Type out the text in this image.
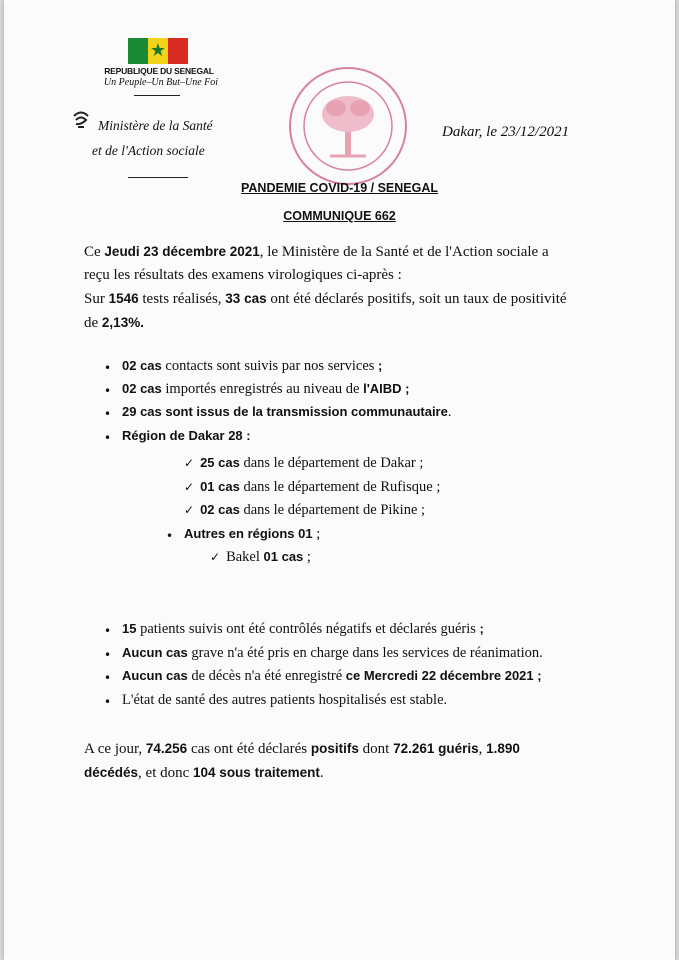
★
REPUBLIQUE DU SENEGAL
Un Peuple–Un But–Une Foi
Ministère de la Santé
et de l'Action sociale
Dakar, le 23/12/2021
PANDEMIE COVID-19 / SENEGAL
COMMUNIQUE 662
Ce Jeudi 23 décembre 2021, le Ministère de la Santé et de l'Action sociale a
reçu les résultats des examens virologiques ci-après :
Sur 1546 tests réalisés, 33 cas ont été déclarés positifs, soit un taux de positivité
de 2,13%.
• 02 cas contacts sont suivis par nos services ;
• 02 cas importés enregistrés au niveau de l'AIBD ;
• 29 cas sont issus de la transmission communautaire.
• Région de Dakar 28 :
✓ 25 cas dans le département de Dakar ;
✓ 01 cas dans le département de Rufisque ;
✓ 02 cas dans le département de Pikine ;
• Autres en régions 01 ;
✓ Bakel 01 cas ;
• 15 patients suivis ont été contrôlés négatifs et déclarés guéris ;
• Aucun cas grave n'a été pris en charge dans les services de réanimation.
• Aucun cas de décès n'a été enregistré ce Mercredi 22 décembre 2021 ;
• L'état de santé des autres patients hospitalisés est stable.
A ce jour, 74.256 cas ont été déclarés positifs dont 72.261 guéris, 1.890
décédés, et donc 104 sous traitement.
